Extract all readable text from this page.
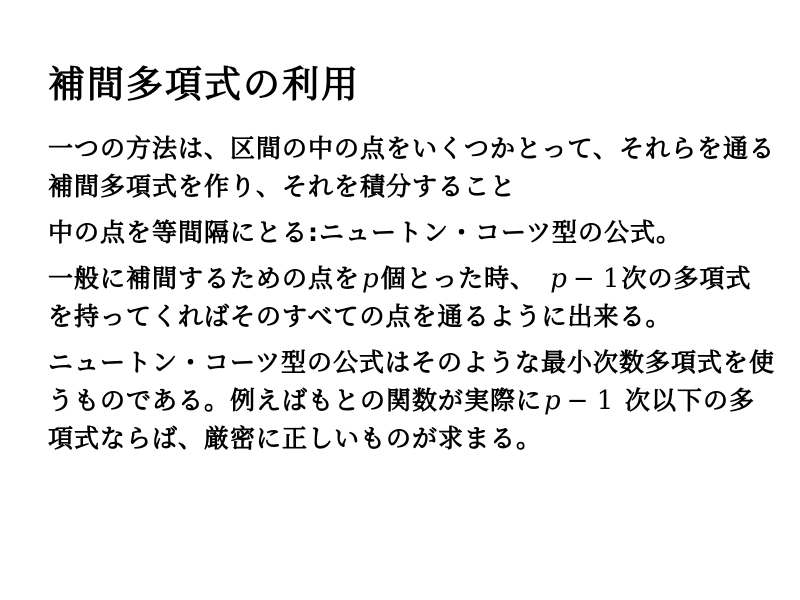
補間多項式の利用
一つの方法は、区間の中の点をいくつかとって、それらを通る
補間多項式を作り、それを積分すること
中の点を等間隔にとる:ニュートン・コーツ型の公式。
一般に補間するための点をp個とった時、 p − 1次の多項式
を持ってくればそのすべての点を通るように出来る。
ニュートン・コーツ型の公式はそのような最小次数多項式を使
うものである。例えばもとの関数が実際にp − 1 次以下の多
項式ならば、厳密に正しいものが求まる。
